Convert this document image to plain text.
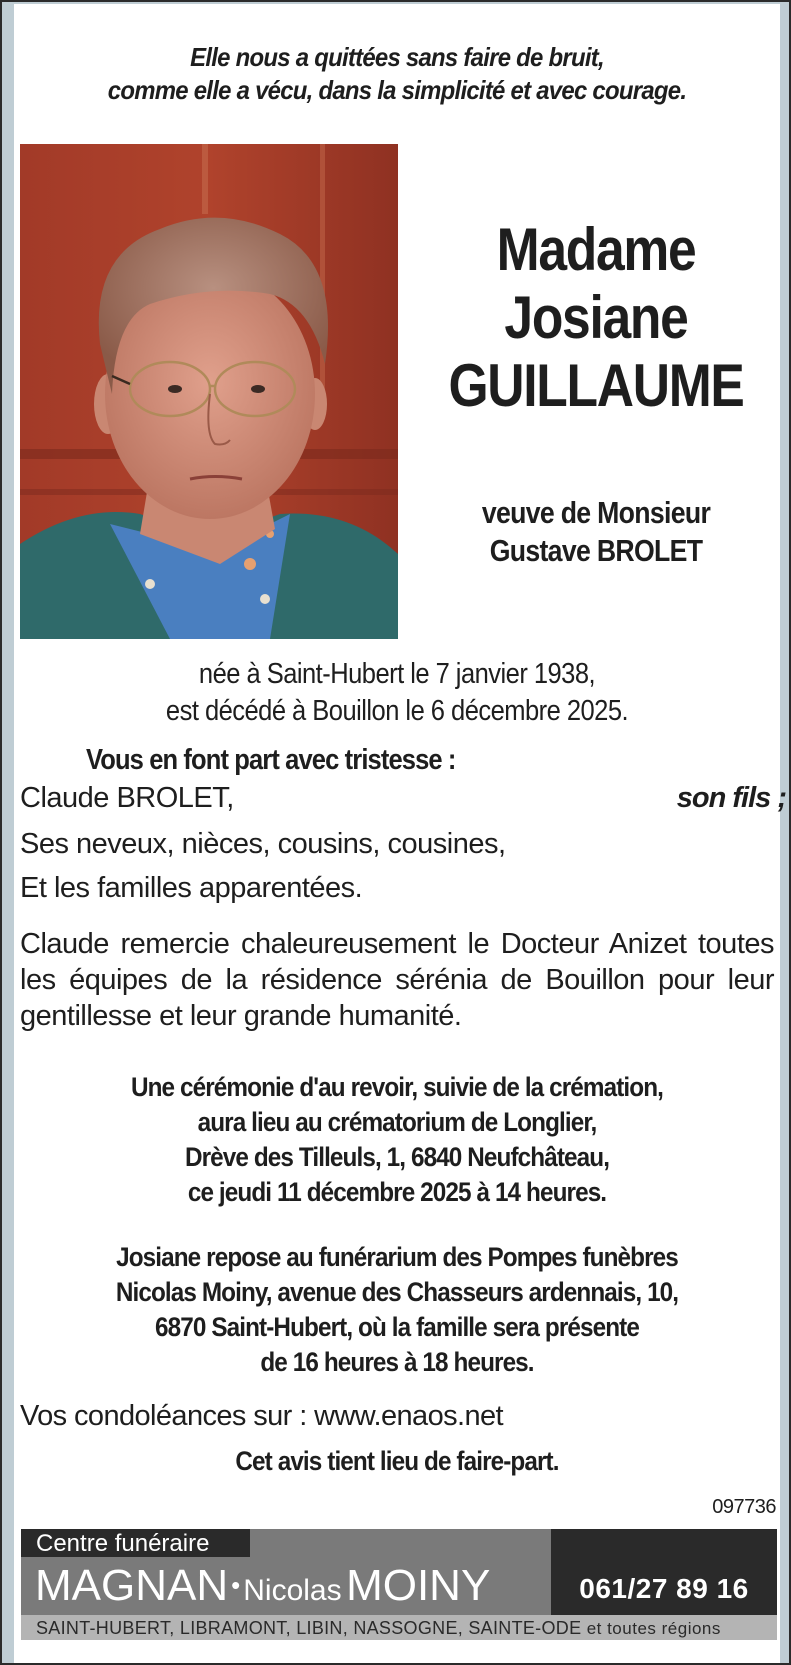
Elle nous a quittées sans faire de bruit,
comme elle a vécu, dans la simplicité et avec courage.
Madame
Josiane
GUILLAUME
veuve de Monsieur
Gustave BROLET
née à Saint-Hubert le 7 janvier 1938,
est décédé à Bouillon le 6 décembre 2025.
Vous en font part avec tristesse :
Claude BROLET,	son fils ;
Ses neveux, nièces, cousins, cousines,
Et les familles apparentées.
Claude remercie chaleureusement le Docteur Anizet toutes les équipes de la résidence sérénia de Bouillon pour leur gentillesse et leur grande humanité.
Une cérémonie d'au revoir, suivie de la crémation,
aura lieu au crématorium de Longlier,
Drève des Tilleuls, 1, 6840 Neufchâteau,
ce jeudi 11 décembre 2025 à 14 heures.
Josiane repose au funérarium des Pompes funèbres
Nicolas Moiny, avenue des Chasseurs ardennais, 10,
6870 Saint-Hubert, où la famille sera présente
de 16 heures à 18 heures.
Vos condoléances sur : www.enaos.net
Cet avis tient lieu de faire-part.
097736
Centre funéraire
MAGNAN • Nicolas MOINY	061/27 89 16
SAINT-HUBERT, LIBRAMONT, LIBIN, NASSOGNE, SAINTE-ODE et toutes régions
